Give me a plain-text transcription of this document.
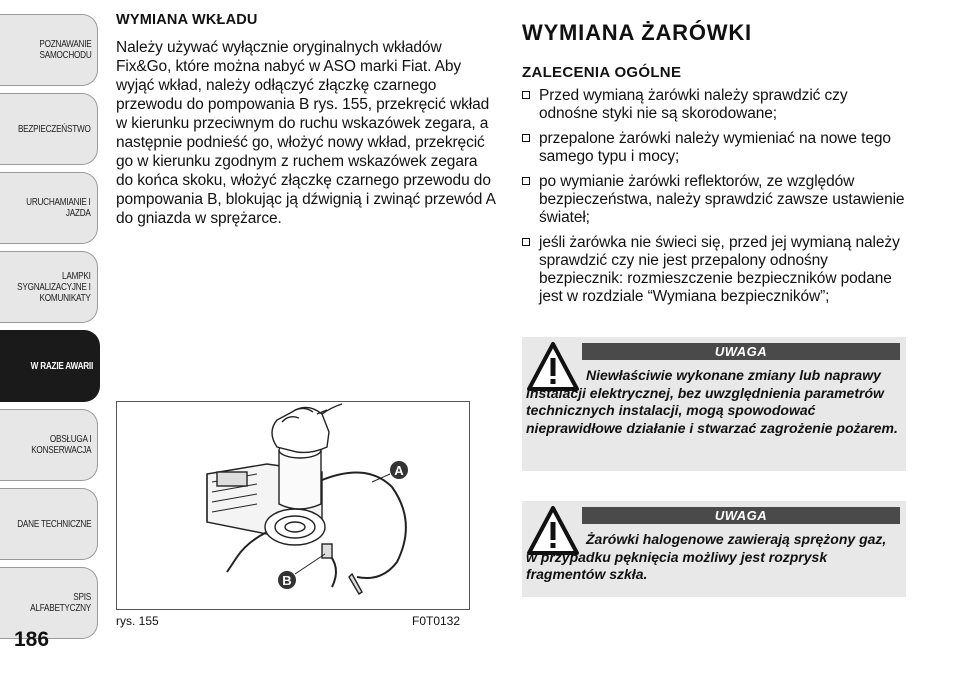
POZNAWANIE
SAMOCHODU
BEZPIECZEŃSTWO
URUCHAMIANIE I
JAZDA
LAMPKI
SYGNALIZACYJNE I
KOMUNIKATY
W RAZIE AWARII
OBSŁUGA I
KONSERWACJA
DANE TECHNICZNE
SPIS ALFABETYCZNY
186
WYMIANA WKŁADU

Należy używać wyłącznie oryginalnych wkładów Fix&Go, które można nabyć w ASO marki Fiat. Aby wyjąć wkład, należy odłączyć złączkę czarnego przewodu do pompowania B rys. 155, przekręcić wkład w kierunku przeciwnym do ruchu wskazówek zegara, a następnie podnieść go, włożyć nowy wkład, przekręcić go w kierunku zgodnym z ruchem wskazówek zegara do końca skoku, włożyć złączkę czarnego przewodu do pompowania B, blokując ją dźwignią i zwinąć przewód A do gniazda w sprężarce.

A
B
rys. 155	F0T0132
WYMIANA ŻARÓWKI
ZALECENIA OGÓLNE
Przed wymianą żarówki należy sprawdzić czy odnośne styki nie są skorodowane;
przepalone żarówki należy wymieniać na nowe tego samego typu i mocy;
po wymianie żarówki reflektorów, ze względów bezpieczeństwa, należy sprawdzić zawsze ustawienie świateł;
jeśli żarówka nie świeci się, przed jej wymianą należy sprawdzić czy nie jest przepalony odnośny bezpiecznik: rozmieszczenie bezpieczników podane jest w rozdziale “Wymiana bezpieczników”;
UWAGA
Niewłaściwie wykonane zmiany lub naprawy instalacji elektrycznej, bez uwzględnienia parametrów technicznych instalacji, mogą spowodować nieprawidłowe działanie i stwarzać zagrożenie pożarem.
UWAGA
Żarówki halogenowe zawierają sprężony gaz, w przypadku pęknięcia możliwy jest rozprysk fragmentów szkła.
